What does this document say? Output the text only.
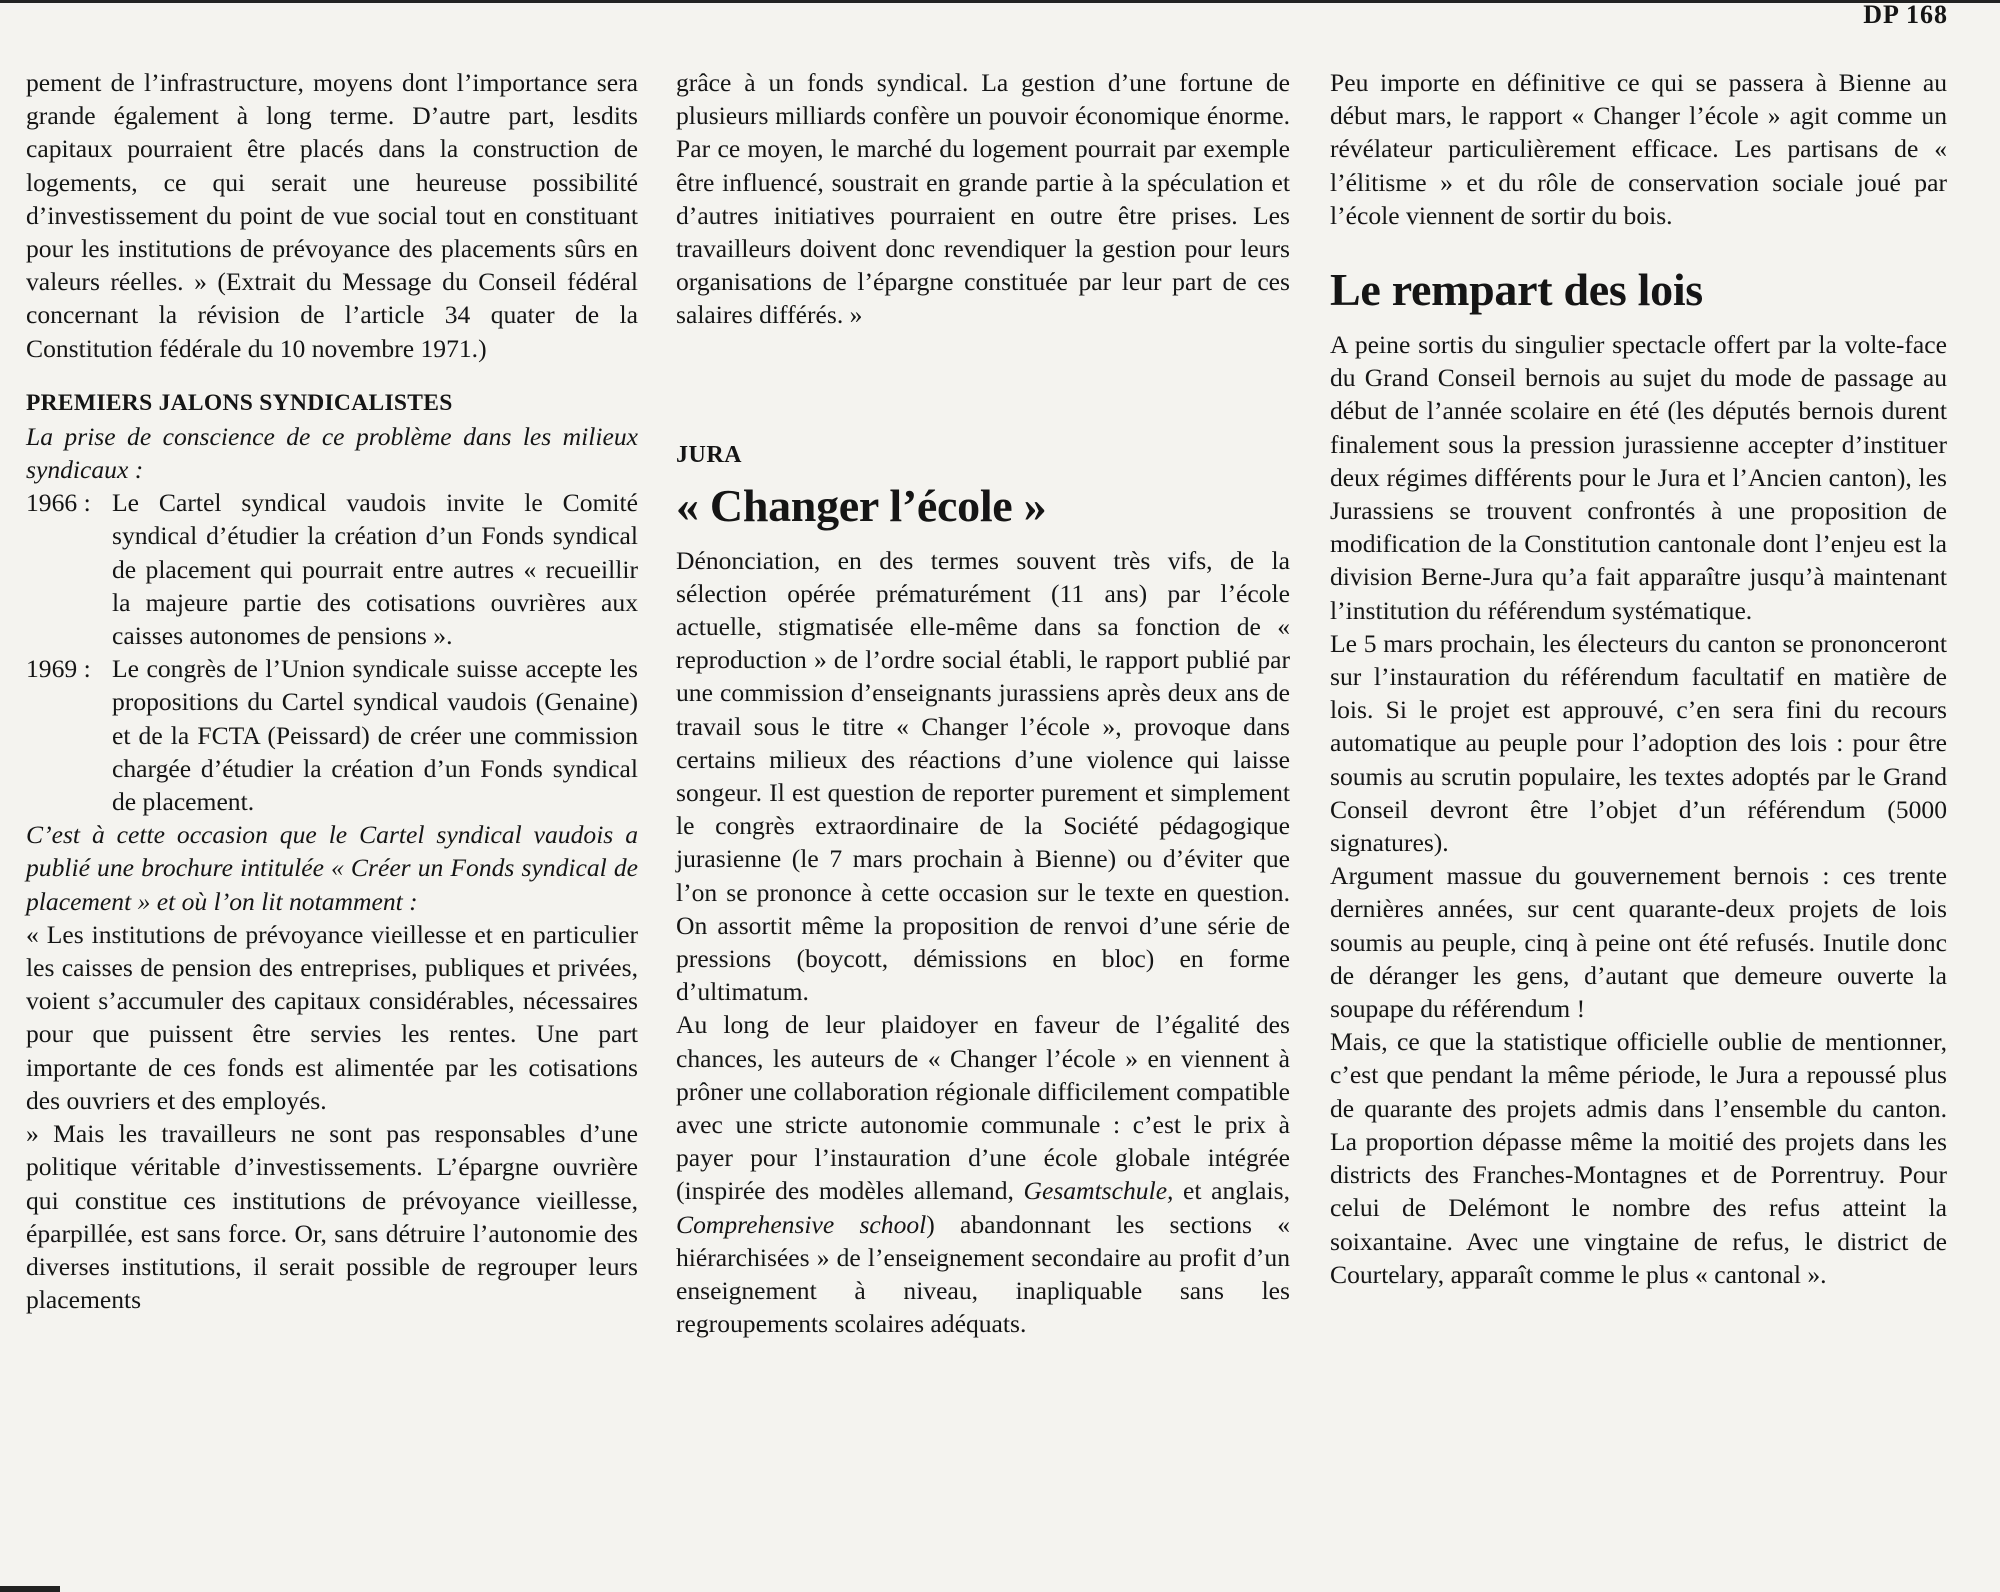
DP 168

pement de l’infrastructure, moyens dont l’importance sera grande également à long terme. D’autre part, lesdits capitaux pourraient être placés dans la construction de logements, ce qui serait une heureuse possibilité d’investissement du point de vue social tout en constituant pour les institutions de prévoyance des placements sûrs en valeurs réelles. » (Extrait du Message du Conseil fédéral concernant la révision de l’article 34 quater de la Constitution fédérale du 10 novembre 1971.)

PREMIERS JALONS SYNDICALISTES

La prise de conscience de ce problème dans les milieux syndicaux :

1966 : Le Cartel syndical vaudois invite le Comité syndical d’étudier la création d’un Fonds syndical de placement qui pourrait entre autres « recueillir la majeure partie des cotisations ouvrières aux caisses autonomes de pensions ».
1969 : Le congrès de l’Union syndicale suisse accepte les propositions du Cartel syndical vaudois (Genaine) et de la FCTA (Peissard) de créer une commission chargée d’étudier la création d’un Fonds syndical de placement.

C’est à cette occasion que le Cartel syndical vaudois a publié une brochure intitulée « Créer un Fonds syndical de placement » et où l’on lit notamment :

« Les institutions de prévoyance vieillesse et en particulier les caisses de pension des entreprises, publiques et privées, voient s’accumuler des capitaux considérables, nécessaires pour que puissent être servies les rentes. Une part importante de ces fonds est alimentée par les cotisations des ouvriers et des employés.

» Mais les travailleurs ne sont pas responsables d’une politique véritable d’investissements. L’épargne ouvrière qui constitue ces institutions de prévoyance vieillesse, éparpillée, est sans force. Or, sans détruire l’autonomie des diverses institutions, il serait possible de regrouper leurs placements

grâce à un fonds syndical. La gestion d’une fortune de plusieurs milliards confère un pouvoir économique énorme. Par ce moyen, le marché du logement pourrait par exemple être influencé, soustrait en grande partie à la spéculation et d’autres initiatives pourraient en outre être prises. Les travailleurs doivent donc revendiquer la gestion pour leurs organisations de l’épargne constituée par leur part de ces salaires différés. »

JURA
« Changer l’école »

Dénonciation, en des termes souvent très vifs, de la sélection opérée prématurément (11 ans) par l’école actuelle, stigmatisée elle-même dans sa fonction de « reproduction » de l’ordre social établi, le rapport publié par une commission d’enseignants jurassiens après deux ans de travail sous le titre « Changer l’école », provoque dans certains milieux des réactions d’une violence qui laisse songeur. Il est question de reporter purement et simplement le congrès extraordinaire de la Société pédagogique jurasienne (le 7 mars prochain à Bienne) ou d’éviter que l’on se prononce à cette occasion sur le texte en question. On assortit même la proposition de renvoi d’une série de pressions (boycott, démissions en bloc) en forme d’ultimatum.

Au long de leur plaidoyer en faveur de l’égalité des chances, les auteurs de « Changer l’école » en viennent à prôner une collaboration régionale difficilement compatible avec une stricte autonomie communale : c’est le prix à payer pour l’instauration d’une école globale intégrée (inspirée des modèles allemand, Gesamtschule, et anglais, Comprehensive school) abandonnant les sections « hiérarchisées » de l’enseignement secondaire au profit d’un enseignement à niveau, inapliquable sans les regroupements scolaires adéquats.

Peu importe en définitive ce qui se passera à Bienne au début mars, le rapport « Changer l’école » agit comme un révélateur particulièrement efficace. Les partisans de « l’élitisme » et du rôle de conservation sociale joué par l’école viennent de sortir du bois.

Le rempart des lois

A peine sortis du singulier spectacle offert par la volte-face du Grand Conseil bernois au sujet du mode de passage au début de l’année scolaire en été (les députés bernois durent finalement sous la pression jurassienne accepter d’instituer deux régimes différents pour le Jura et l’Ancien canton), les Jurassiens se trouvent confrontés à une proposition de modification de la Constitution cantonale dont l’enjeu est la division Berne-Jura qu’a fait apparaître jusqu’à maintenant l’institution du référendum systématique.

Le 5 mars prochain, les électeurs du canton se prononceront sur l’instauration du référendum facultatif en matière de lois. Si le projet est approuvé, c’en sera fini du recours automatique au peuple pour l’adoption des lois : pour être soumis au scrutin populaire, les textes adoptés par le Grand Conseil devront être l’objet d’un référendum (5000 signatures).

Argument massue du gouvernement bernois : ces trente dernières années, sur cent quarante-deux projets de lois soumis au peuple, cinq à peine ont été refusés. Inutile donc de déranger les gens, d’autant que demeure ouverte la soupape du référendum !

Mais, ce que la statistique officielle oublie de mentionner, c’est que pendant la même période, le Jura a repoussé plus de quarante des projets admis dans l’ensemble du canton. La proportion dépasse même la moitié des projets dans les districts des Franches-Montagnes et de Porrentruy. Pour celui de Delémont le nombre des refus atteint la soixantaine. Avec une vingtaine de refus, le district de Courtelary, apparaît comme le plus « cantonal ».
